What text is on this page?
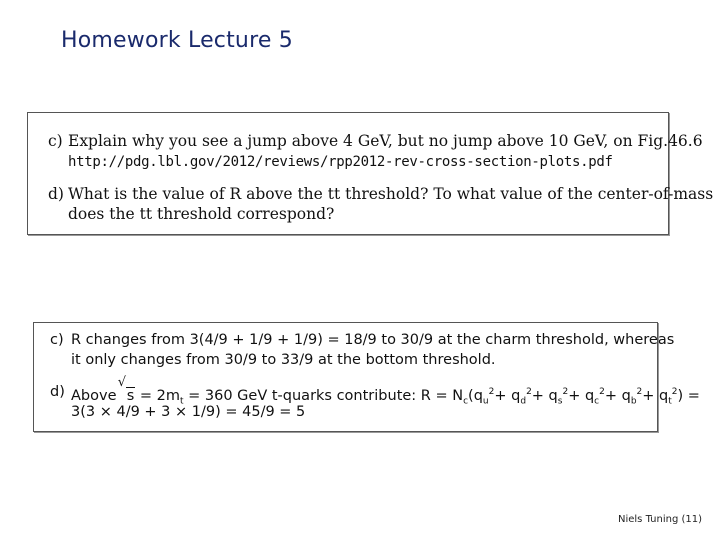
Homework Lecture 5
c) Explain why you see a jump above 4 GeV, but no jump above 10 GeV, on Fig.46.6
http://pdg.lbl.gov/2012/reviews/rpp2012-rev-cross-section-plots.pdf
d) What is the value of R above the tt threshold? To what value of the center-of-mass
does the tt threshold correspond?
c) R changes from 3(4/9 + 1/9 + 1/9) = 18/9 to 30/9 at the charm threshold, whereas
it only changes from 30/9 to 33/9 at the bottom threshold.
d) Above
√
$s = 2m_t = 360$ GeV t-quarks contribute: $R = N_c(q_u^2+ q_d^2+ q_s^2+ q_c^2+ q_b^2+ q_t^2)$ =
3(3 × 4/9 + 3 × 1/9) = 45/9 = 5
Niels Tuning (11)
